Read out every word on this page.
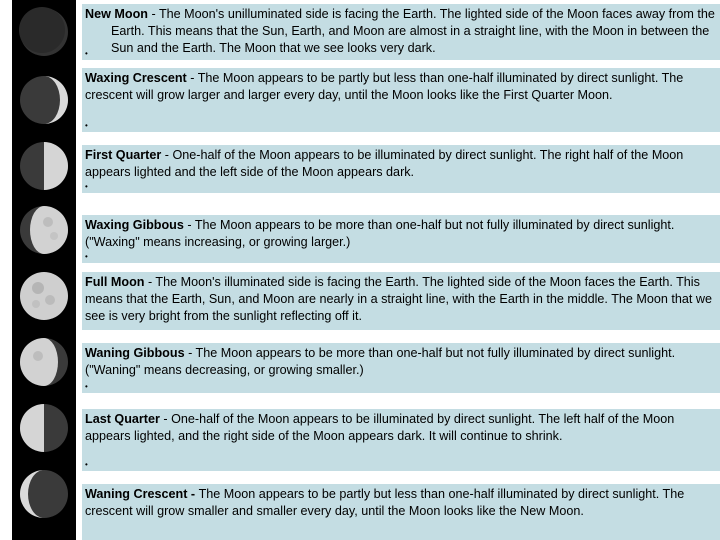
New Moon - The Moon's unilluminated side is facing the Earth. The lighted side of the Moon faces away from the Earth. This means that the Sun, Earth, and Moon are almost in a straight line, with the Moon in between the Sun and the Earth. The Moon that we see looks very dark.
•
Waxing Crescent - The Moon appears to be partly but less than one-half illuminated by direct sunlight. The crescent will grow larger and larger every day, until the Moon looks like the First Quarter Moon.
•
First Quarter - One-half of the Moon appears to be illuminated by direct sunlight. The right half of the Moon appears lighted and the left side of the Moon appears dark.
•
Waxing Gibbous - The Moon appears to be more than one-half but not fully illuminated by direct sunlight. ("Waxing" means increasing, or growing larger.)
•
Full Moon - The Moon's illuminated side is facing the Earth. The lighted side of the Moon faces the Earth. This means that the Earth, Sun, and Moon are nearly in a straight line, with the Earth in the middle. The Moon that we see is very bright from the sunlight reflecting off it.
Waning Gibbous - The Moon appears to be more than one-half but not fully illuminated by direct sunlight. ("Waning" means decreasing, or growing smaller.)
•
Last Quarter - One-half of the Moon appears to be illuminated by direct sunlight. The left half of the Moon appears lighted, and the right side of the Moon appears dark. It will continue to shrink.
•
Waning Crescent - The Moon appears to be partly but less than one-half illuminated by direct sunlight. The crescent will grow smaller and smaller every day, until the Moon looks like the New Moon.
